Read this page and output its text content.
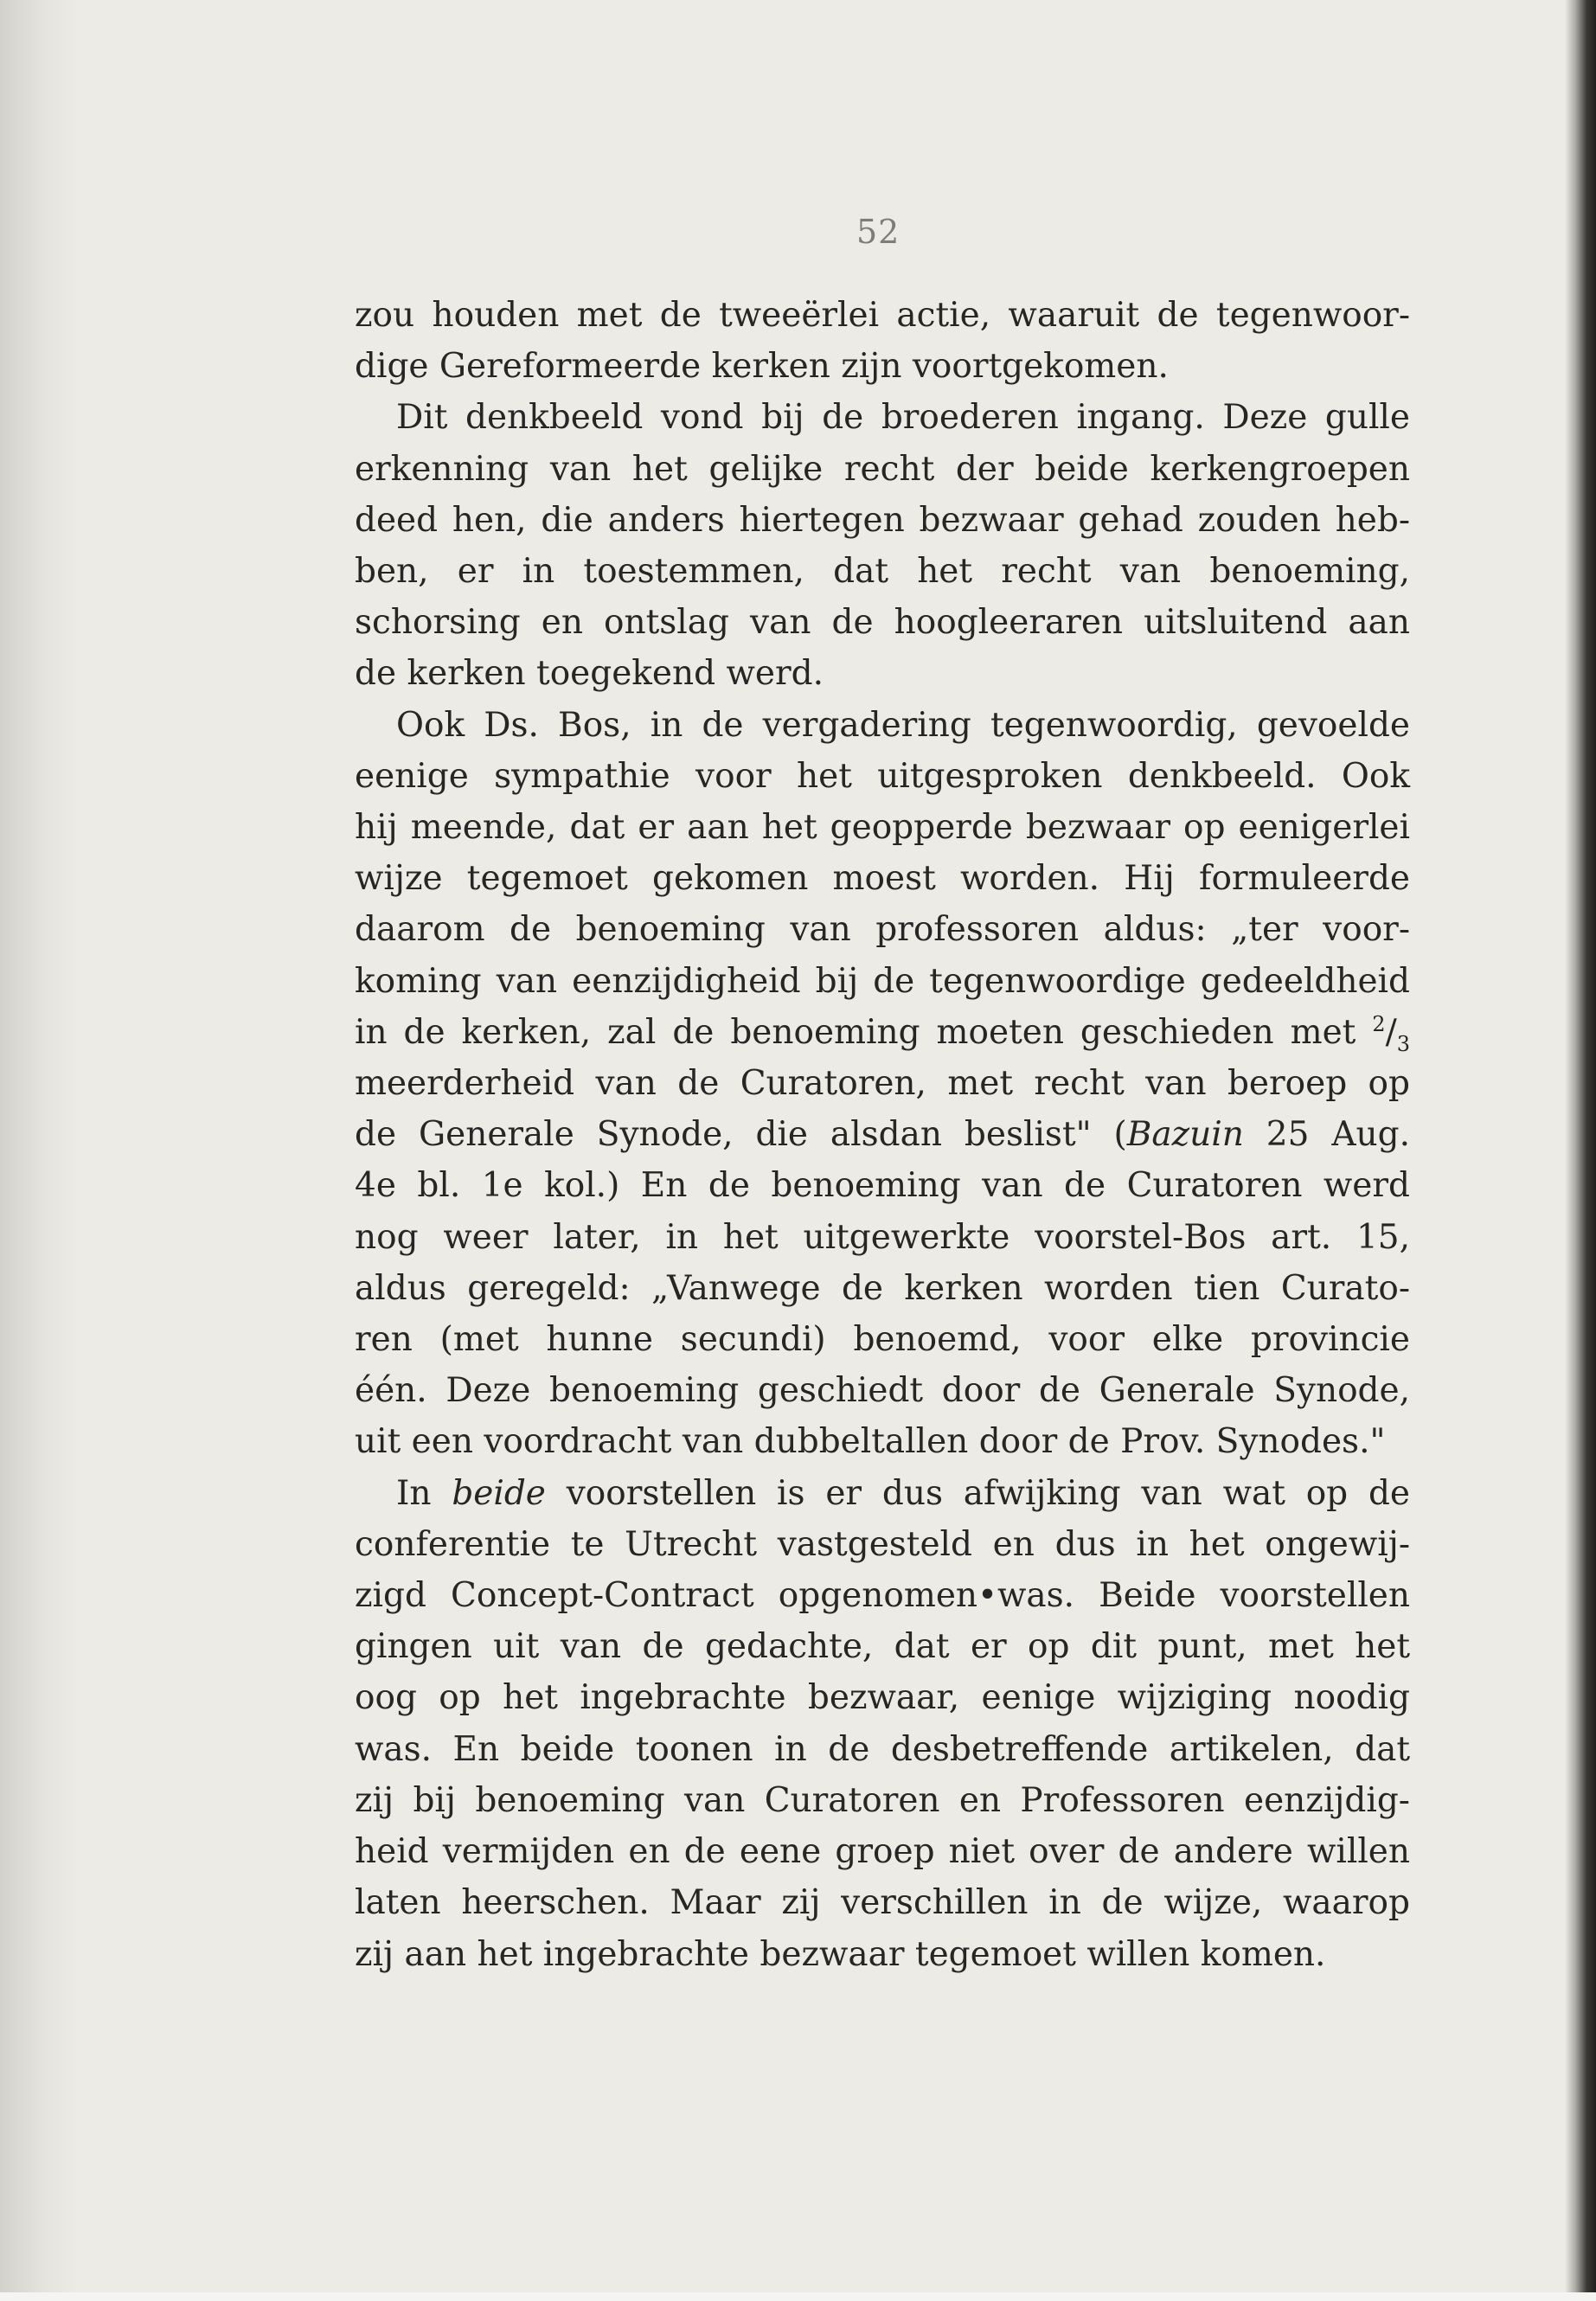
52
zou houden met de tweeërlei actie, waaruit de tegenwoor-
dige Gereformeerde kerken zijn voortgekomen.
Dit denkbeeld vond bij de broederen ingang. Deze gulle
erkenning van het gelijke recht der beide kerkengroepen
deed hen, die anders hiertegen bezwaar gehad zouden heb-
ben, er in toestemmen, dat het recht van benoeming,
schorsing en ontslag van de hoogleeraren uitsluitend aan
de kerken toegekend werd.
Ook Ds. Bos, in de vergadering tegenwoordig, gevoelde
eenige sympathie voor het uitgesproken denkbeeld. Ook
hij meende, dat er aan het geopperde bezwaar op eenigerlei
wijze tegemoet gekomen moest worden. Hij formuleerde
daarom de benoeming van professoren aldus: „ter voor-
koming van eenzijdigheid bij de tegenwoordige gedeeldheid
in de kerken, zal de benoeming moeten geschieden met $^2/_3$
meerderheid van de Curatoren, met recht van beroep op
de Generale Synode, die alsdan beslist" (Bazuin 25 Aug.
4e bl. 1e kol.) En de benoeming van de Curatoren werd
nog weer later, in het uitgewerkte voorstel-Bos art. 15,
aldus geregeld: „Vanwege de kerken worden tien Curato-
ren (met hunne secundi) benoemd, voor elke provincie
één. Deze benoeming geschiedt door de Generale Synode,
uit een voordracht van dubbeltallen door de Prov. Synodes."
In beide voorstellen is er dus afwijking van wat op de
conferentie te Utrecht vastgesteld en dus in het ongewij-
zigd Concept-Contract opgenomen•was. Beide voorstellen
gingen uit van de gedachte, dat er op dit punt, met het
oog op het ingebrachte bezwaar, eenige wijziging noodig
was. En beide toonen in de desbetreffende artikelen, dat
zij bij benoeming van Curatoren en Professoren eenzijdig-
heid vermijden en de eene groep niet over de andere willen
laten heerschen. Maar zij verschillen in de wijze, waarop
zij aan het ingebrachte bezwaar tegemoet willen komen.
